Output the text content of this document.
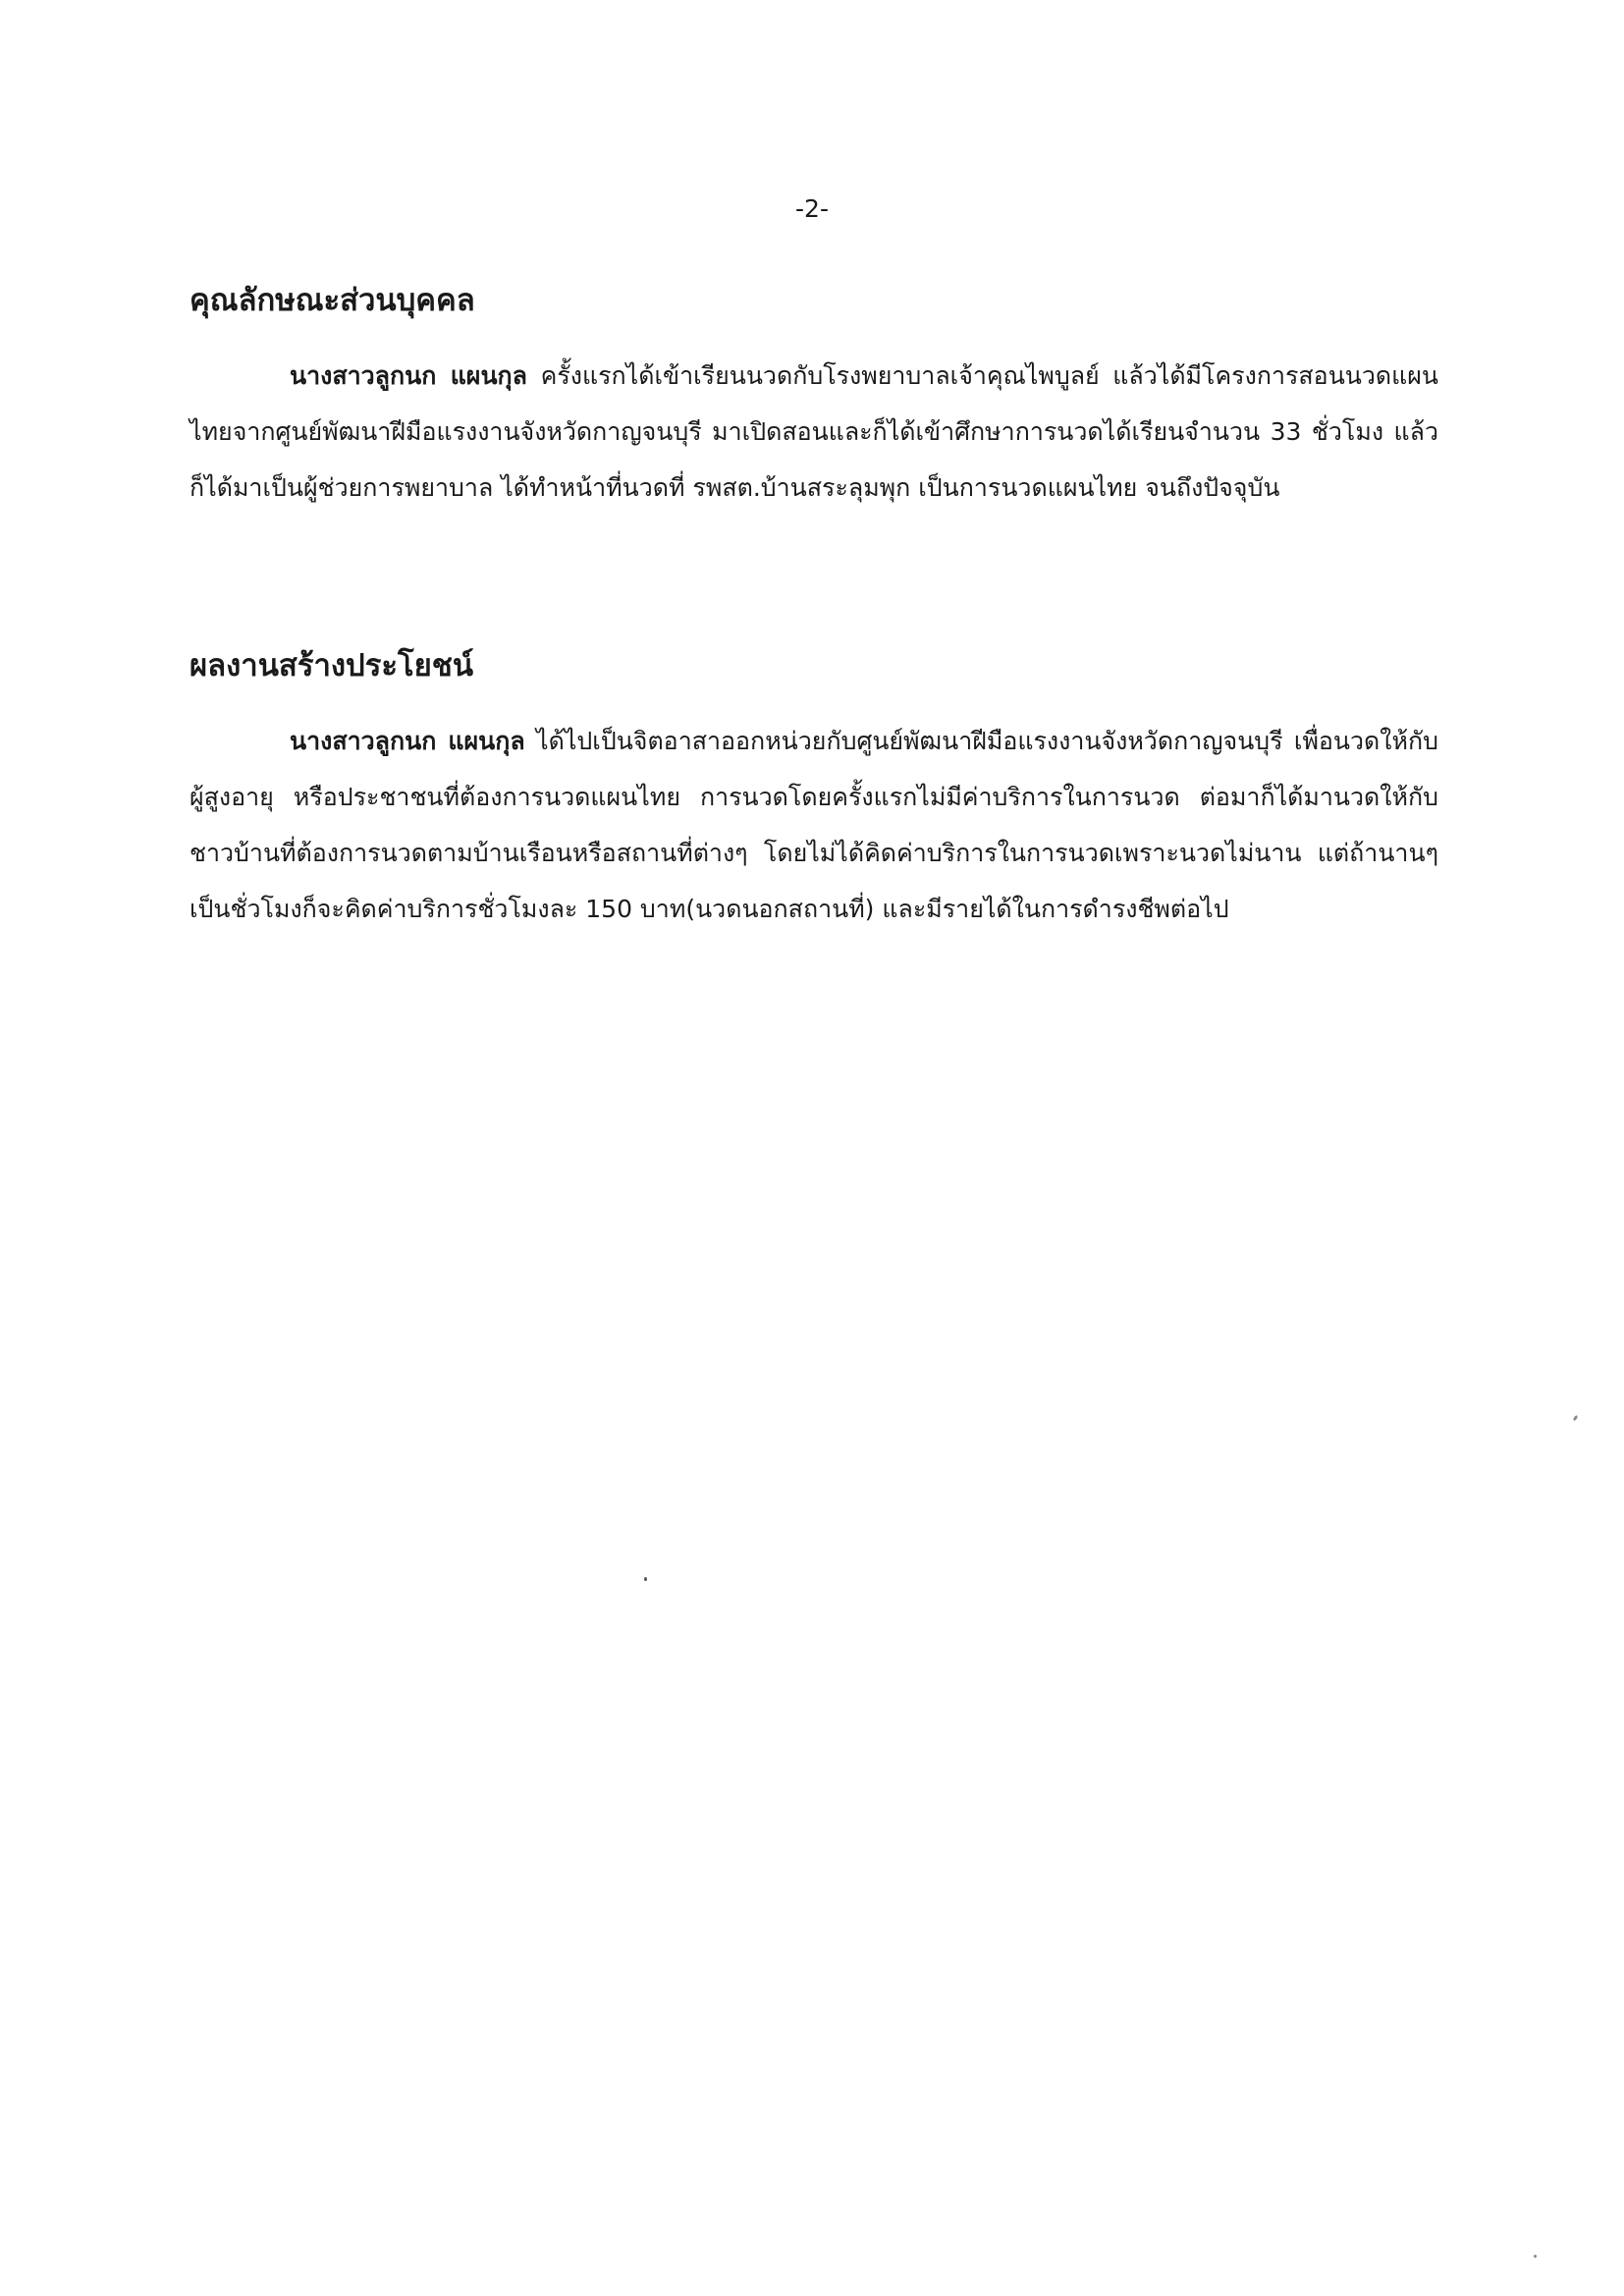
-2-
คุณลักษณะส่วนบุคคล

นางสาวลูกนก แผนกุล ครั้งแรกได้เข้าเรียนนวดกับโรงพยาบาลเจ้าคุณไพบูลย์ แล้วได้มีโครงการสอนนวดแผนไทยจากศูนย์พัฒนาฝีมือแรงงานจังหวัดกาญจนบุรี มาเปิดสอนและก็ได้เข้าศึกษาการนวดได้เรียนจำนวน 33 ชั่วโมง แล้วก็ได้มาเป็นผู้ช่วยการพยาบาล ได้ทำหน้าที่นวดที่ รพสต.บ้านสระลุมพุก เป็นการนวดแผนไทย จนถึงปัจจุบัน

ผลงานสร้างประโยชน์

นางสาวลูกนก แผนกุล ได้ไปเป็นจิตอาสาออกหน่วยกับศูนย์พัฒนาฝีมือแรงงานจังหวัดกาญจนบุรี เพื่อนวดให้กับผู้สูงอายุ หรือประชาชนที่ต้องการนวดแผนไทย การนวดโดยครั้งแรกไม่มีค่าบริการในการนวด ต่อมาก็ได้มานวดให้กับชาวบ้านที่ต้องการนวดตามบ้านเรือนหรือสถานที่ต่างๆ โดยไม่ได้คิดค่าบริการในการนวดเพราะนวดไม่นาน แต่ถ้านานๆ เป็นชั่วโมงก็จะคิดค่าบริการชั่วโมงละ 150 บาท(นวดนอกสถานที่) และมีรายได้ในการดำรงชีพต่อไป
